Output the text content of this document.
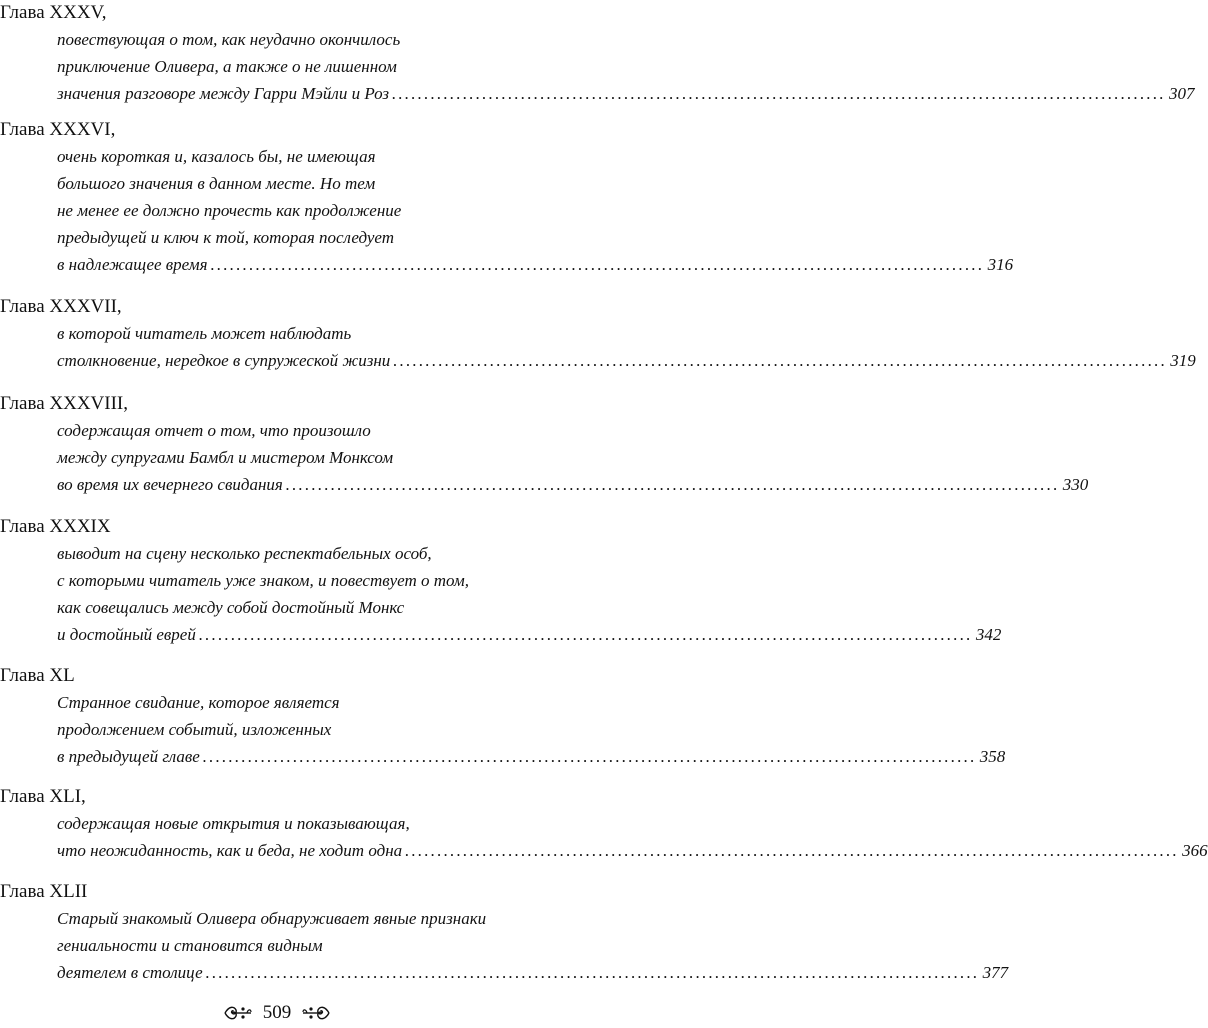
Глава XXXV,
повествующая о том, как неудачно окончилось
приключение Оливера, а также о не лишенном
значения разговоре между Гарри Мэйли и Роз ........................................................................................................................ 307
Глава XXXVI,
очень короткая и, казалось бы, не имеющая
большого значения в данном месте. Но тем
не менее ее должно прочесть как продолжение
предыдущей и ключ к той, которая последует
в надлежащее время ........................................................................................................................ 316
Глава XXXVII,
в которой читатель может наблюдать
столкновение, нередкое в супружеской жизни ........................................................................................................................ 319
Глава XXXVIII,
содержащая отчет о том, что произошло
между супругами Бамбл и мистером Монксом
во время их вечернего свидания ........................................................................................................................ 330
Глава XXXIX
выводит на сцену несколько респектабельных особ,
с которыми читатель уже знаком, и повествует о том,
как совещались между собой достойный Монкс
и достойный еврей ........................................................................................................................ 342
Глава XL
Странное свидание, которое является
продолжением событий, изложенных
в предыдущей главе ........................................................................................................................ 358
Глава XLI,
содержащая новые открытия и показывающая,
что неожиданность, как и беда, не ходит одна ........................................................................................................................ 366
Глава XLII
Старый знакомый Оливера обнаруживает явные признаки
гениальности и становится видным
деятелем в столице ........................................................................................................................ 377
509
